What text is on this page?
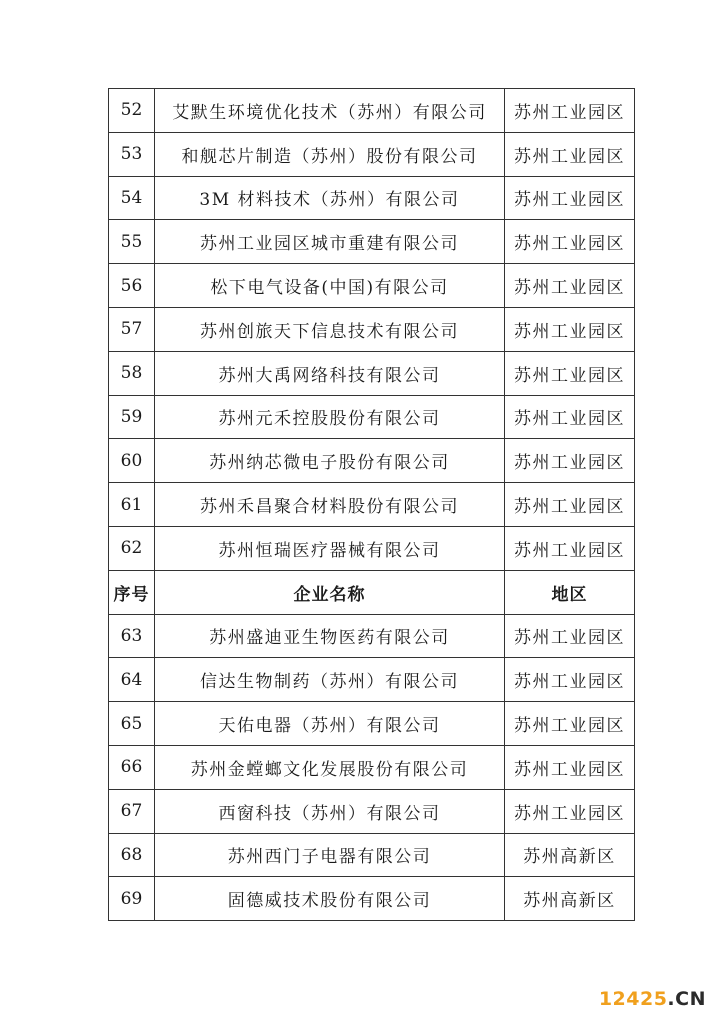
52	艾默生环境优化技术（苏州）有限公司	苏州工业园区
53	和舰芯片制造（苏州）股份有限公司	苏州工业园区
54	3M 材料技术（苏州）有限公司	苏州工业园区
55	苏州工业园区城市重建有限公司	苏州工业园区
56	松下电气设备(中国)有限公司	苏州工业园区
57	苏州创旅天下信息技术有限公司	苏州工业园区
58	苏州大禹网络科技有限公司	苏州工业园区
59	苏州元禾控股股份有限公司	苏州工业园区
60	苏州纳芯微电子股份有限公司	苏州工业园区
61	苏州禾昌聚合材料股份有限公司	苏州工业园区
62	苏州恒瑞医疗器械有限公司	苏州工业园区
序号	企业名称	地区
63	苏州盛迪亚生物医药有限公司	苏州工业园区
64	信达生物制药（苏州）有限公司	苏州工业园区
65	天佑电器（苏州）有限公司	苏州工业园区
66	苏州金螳螂文化发展股份有限公司	苏州工业园区
67	西窗科技（苏州）有限公司	苏州工业园区
68	苏州西门子电器有限公司	苏州高新区
69	固德威技术股份有限公司	苏州高新区
12425.CN
